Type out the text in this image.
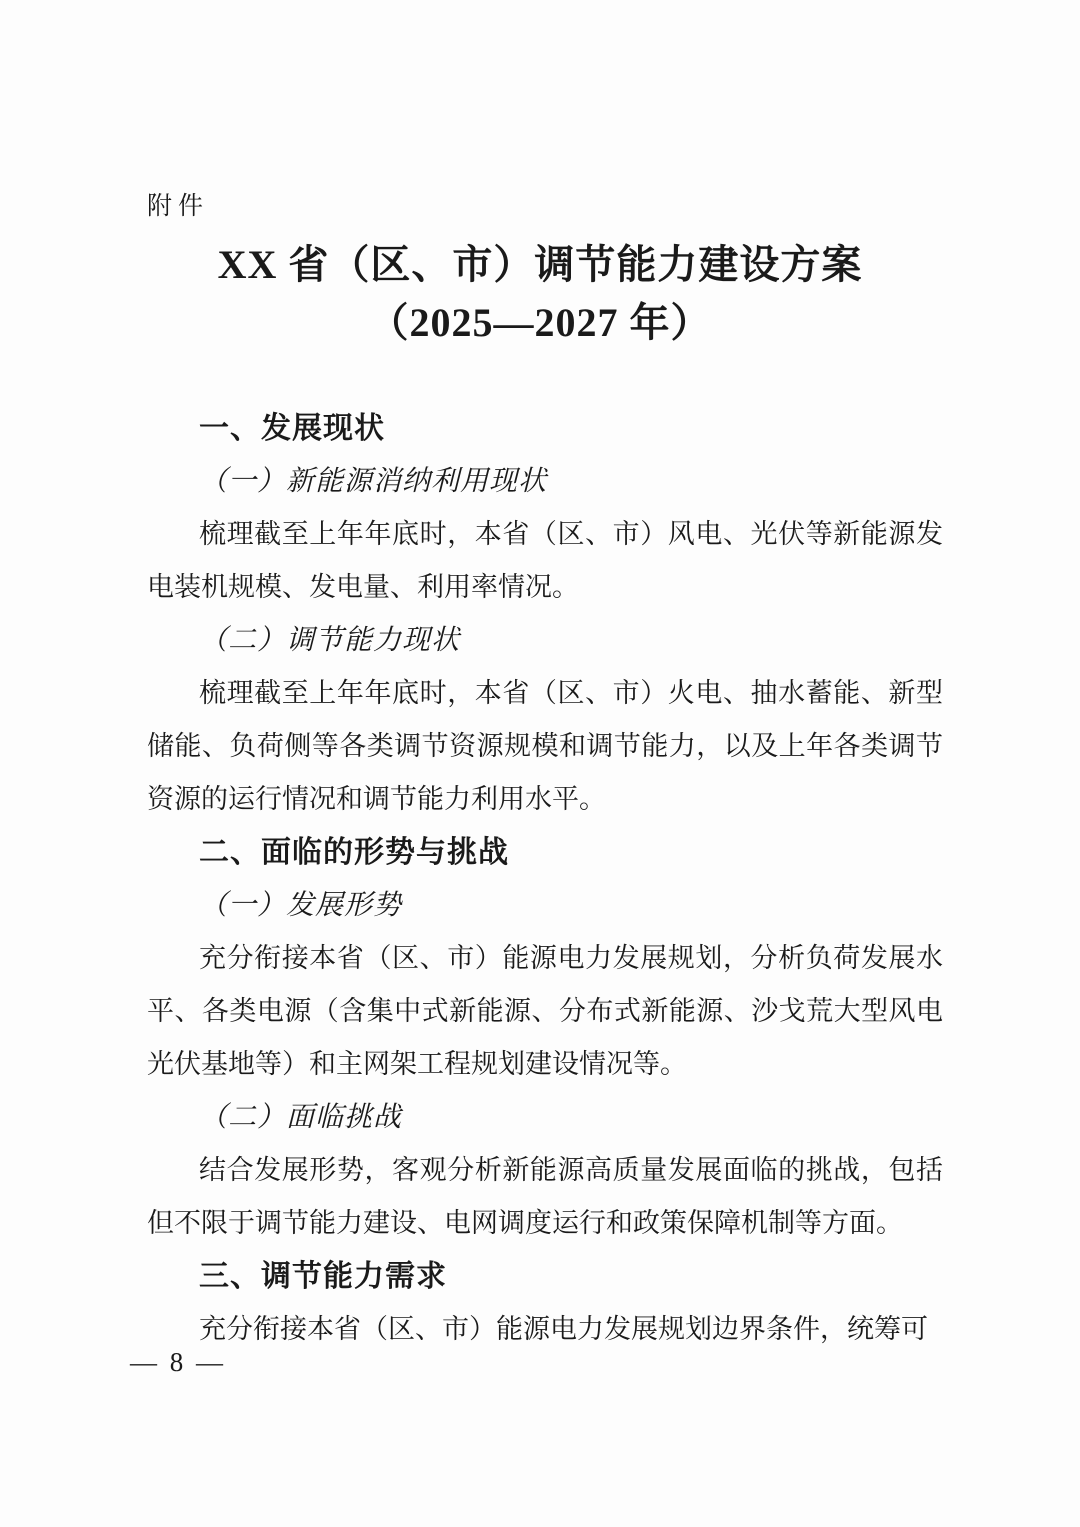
附件
XX 省（区、市）调节能力建设方案
（2025—2027 年）
一、发展现状
（一）新能源消纳利用现状

梳理截至上年年底时，本省（区、市）风电、光伏等新能源发电装机规模、发电量、利用率情况。

（二）调节能力现状

梳理截至上年年底时，本省（区、市）火电、抽水蓄能、新型储能、负荷侧等各类调节资源规模和调节能力，以及上年各类调节资源的运行情况和调节能力利用水平。

二、面临的形势与挑战
（一）发展形势

充分衔接本省（区、市）能源电力发展规划，分析负荷发展水平、各类电源（含集中式新能源、分布式新能源、沙戈荒大型风电光伏基地等）和主网架工程规划建设情况等。

（二）面临挑战

结合发展形势，客观分析新能源高质量发展面临的挑战，包括但不限于调节能力建设、电网调度运行和政策保障机制等方面。

三、调节能力需求

充分衔接本省（区、市）能源电力发展规划边界条件，统筹可

— 8 —
